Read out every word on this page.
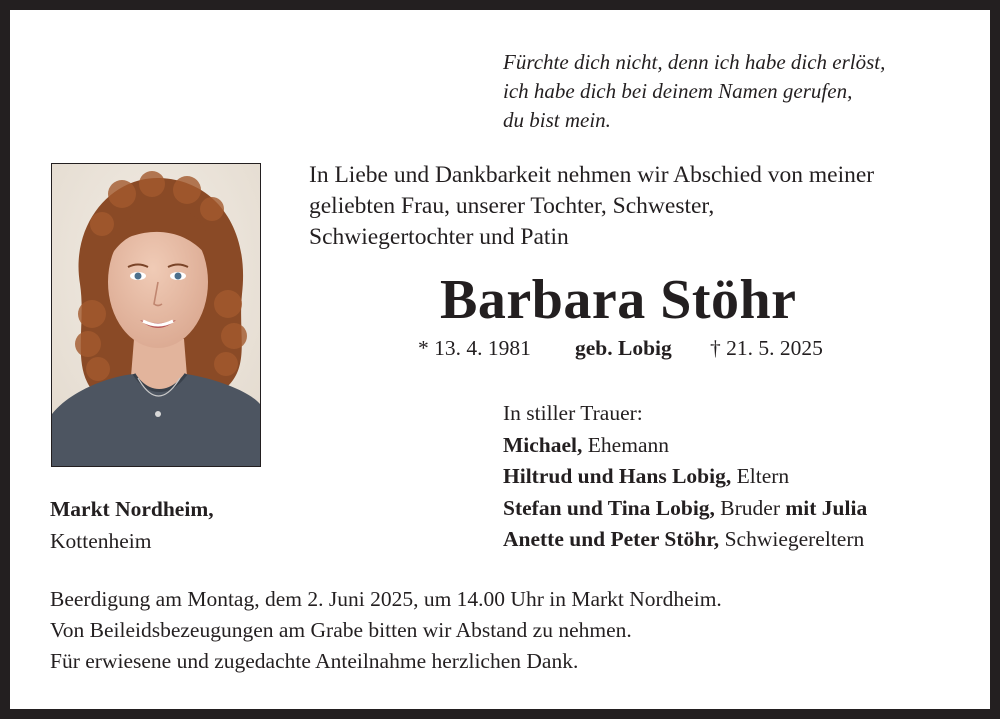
Fürchte dich nicht, denn ich habe dich erlöst,
ich habe dich bei deinem Namen gerufen,
du bist mein.
In Liebe und Dankbarkeit nehmen wir Abschied von meiner
geliebten Frau, unserer Tochter, Schwester,
Schwiegertochter und Patin
Barbara Stöhr
* 13. 4. 1981 geb. Lobig † 21. 5. 2025
In stiller Trauer:
Michael, Ehemann
Hiltrud und Hans Lobig, Eltern
Stefan und Tina Lobig, Bruder mit Julia
Anette und Peter Stöhr, Schwiegereltern
Markt Nordheim,
Kottenheim
Beerdigung am Montag, dem 2. Juni 2025, um 14.00 Uhr in Markt Nordheim.
Von Beileidsbezeugungen am Grabe bitten wir Abstand zu nehmen.
Für erwiesene und zugedachte Anteilnahme herzlichen Dank.
